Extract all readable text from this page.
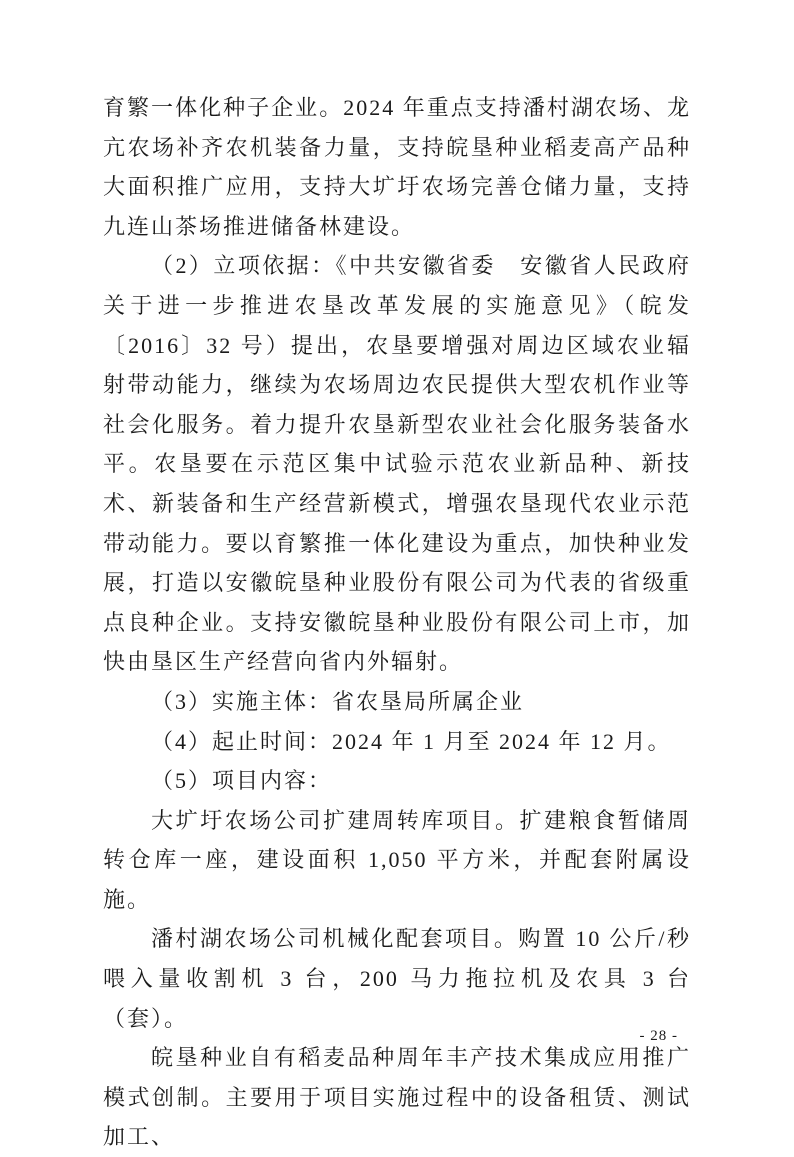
育繁一体化种子企业。2024 年重点支持潘村湖农场、龙亢农场补齐农机装备力量，支持皖垦种业稻麦高产品种大面积推广应用，支持大圹圩农场完善仓储力量，支持九连山茶场推进储备林建设。

（2）立项依据：《中共安徽省委　安徽省人民政府关于进一步推进农垦改革发展的实施意见》（皖发〔2016〕32 号）提出，农垦要增强对周边区域农业辐射带动能力，继续为农场周边农民提供大型农机作业等社会化服务。着力提升农垦新型农业社会化服务装备水平。农垦要在示范区集中试验示范农业新品种、新技术、新装备和生产经营新模式，增强农垦现代农业示范带动能力。要以育繁推一体化建设为重点，加快种业发展，打造以安徽皖垦种业股份有限公司为代表的省级重点良种企业。支持安徽皖垦种业股份有限公司上市，加快由垦区生产经营向省内外辐射。

（3）实施主体：省农垦局所属企业

（4）起止时间：2024 年 1 月至 2024 年 12 月。

（5）项目内容：

大圹圩农场公司扩建周转库项目。扩建粮食暂储周转仓库一座，建设面积 1,050 平方米，并配套附属设施。

潘村湖农场公司机械化配套项目。购置 10 公斤/秒喂入量收割机 3 台，200 马力拖拉机及农具 3 台（套）。

皖垦种业自有稻麦品种周年丰产技术集成应用推广模式创制。主要用于项目实施过程中的设备租赁、测试加工、

- 28 -
